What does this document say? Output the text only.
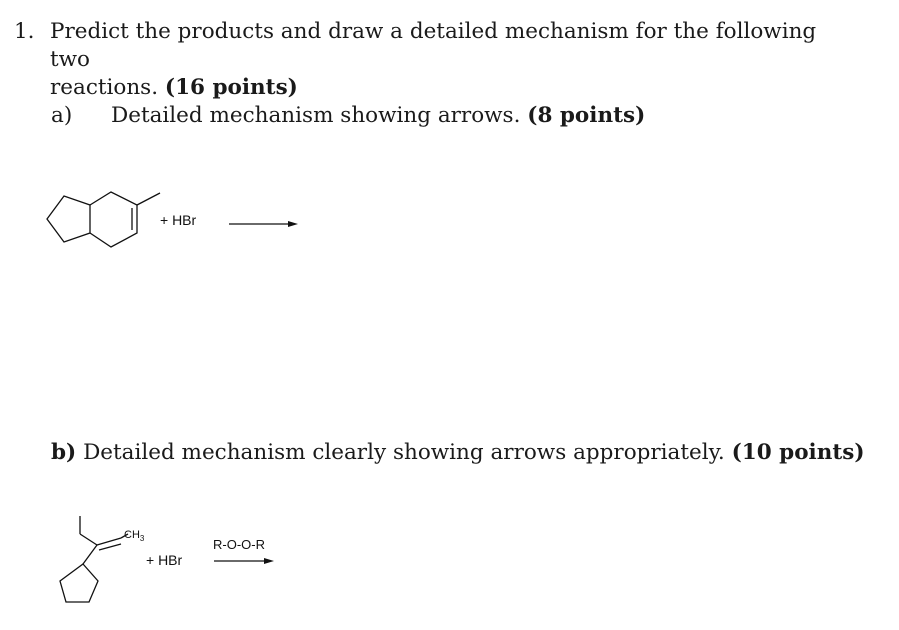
1. Predict the products and draw a detailed mechanism for the following two
reactions. (16 points)
a) Detailed mechanism showing arrows. (8 points)
+ HBr
b) Detailed mechanism clearly showing arrows appropriately. (10 points)
$CH_3$
+ HBr
R-O-O-R
